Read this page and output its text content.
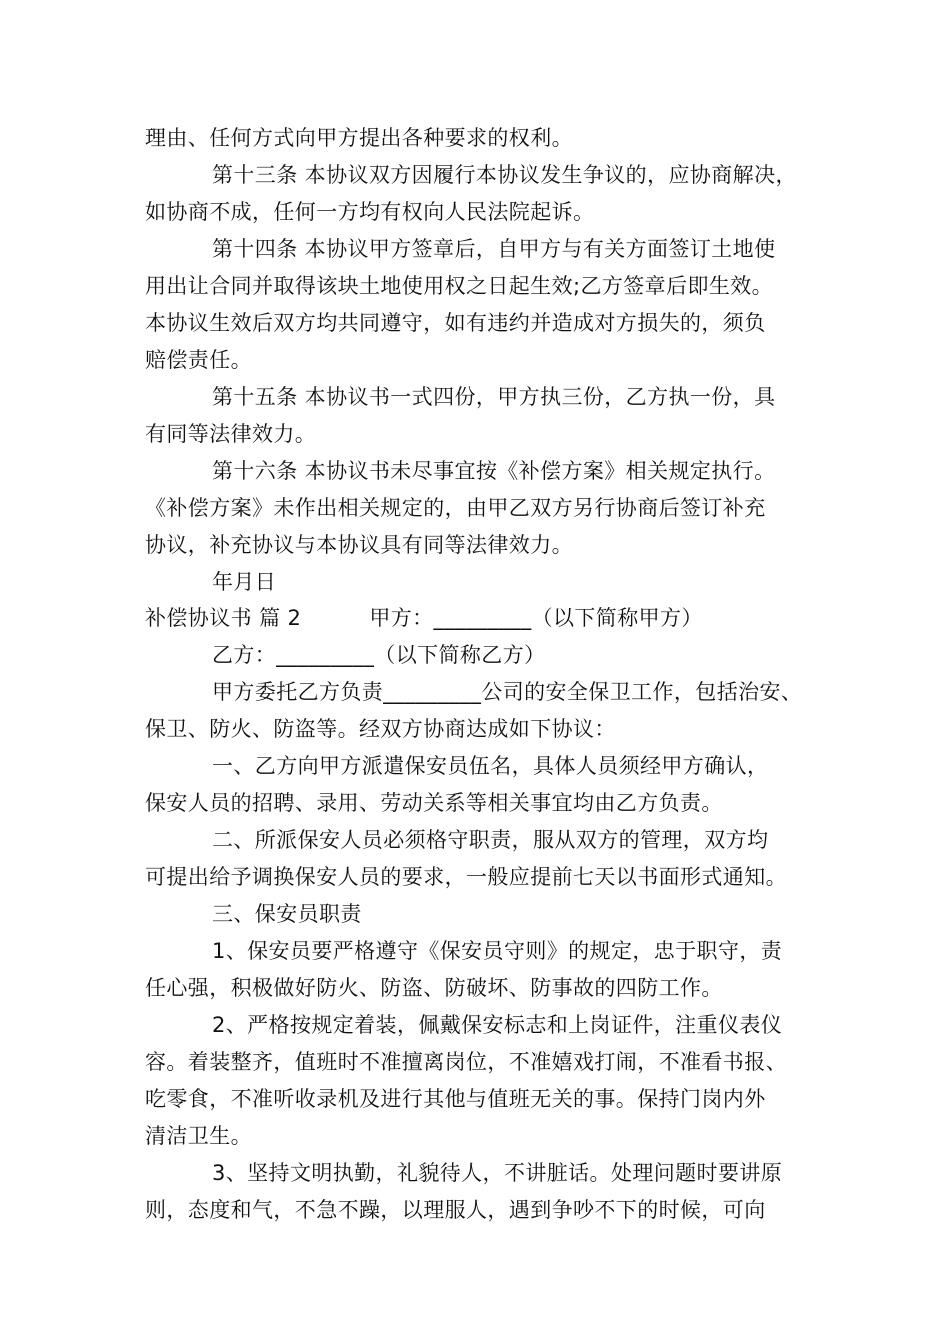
理由、任何方式向甲方提出各种要求的权利。
第十三条 本协议双方因履行本协议发生争议的，应协商解决，
如协商不成，任何一方均有权向人民法院起诉。
第十四条 本协议甲方签章后，自甲方与有关方面签订土地使
用出让合同并取得该块土地使用权之日起生效;乙方签章后即生效。
本协议生效后双方均共同遵守，如有违约并造成对方损失的，须负
赔偿责任。
第十五条 本协议书一式四份，甲方执三份，乙方执一份，具
有同等法律效力。
第十六条 本协议书未尽事宜按《补偿方案》相关规定执行。
《补偿方案》未作出相关规定的，由甲乙双方另行协商后签订补充
协议，补充协议与本协议具有同等法律效力。
年月日
补偿协议书 篇 2	甲方：_________（以下简称甲方）
乙方：_________（以下简称乙方）
甲方委托乙方负责_________公司的安全保卫工作，包括治安、
保卫、防火、防盗等。经双方协商达成如下协议：
一、乙方向甲方派遣保安员伍名，具体人员须经甲方确认，
保安人员的招聘、录用、劳动关系等相关事宜均由乙方负责。
二、所派保安人员必须格守职责，服从双方的管理，双方均
可提出给予调换保安人员的要求，一般应提前七天以书面形式通知。
三、保安员职责
1、保安员要严格遵守《保安员守则》的规定，忠于职守，责
任心强，积极做好防火、防盗、防破坏、防事故的四防工作。
2、严格按规定着装，佩戴保安标志和上岗证件，注重仪表仪
容。着装整齐，值班时不准擅离岗位，不准嬉戏打闹，不准看书报、
吃零食，不准听收录机及进行其他与值班无关的事。保持门岗内外
清洁卫生。
3、坚持文明执勤，礼貌待人，不讲脏话。处理问题时要讲原
则，态度和气，不急不躁，以理服人，遇到争吵不下的时候，可向
